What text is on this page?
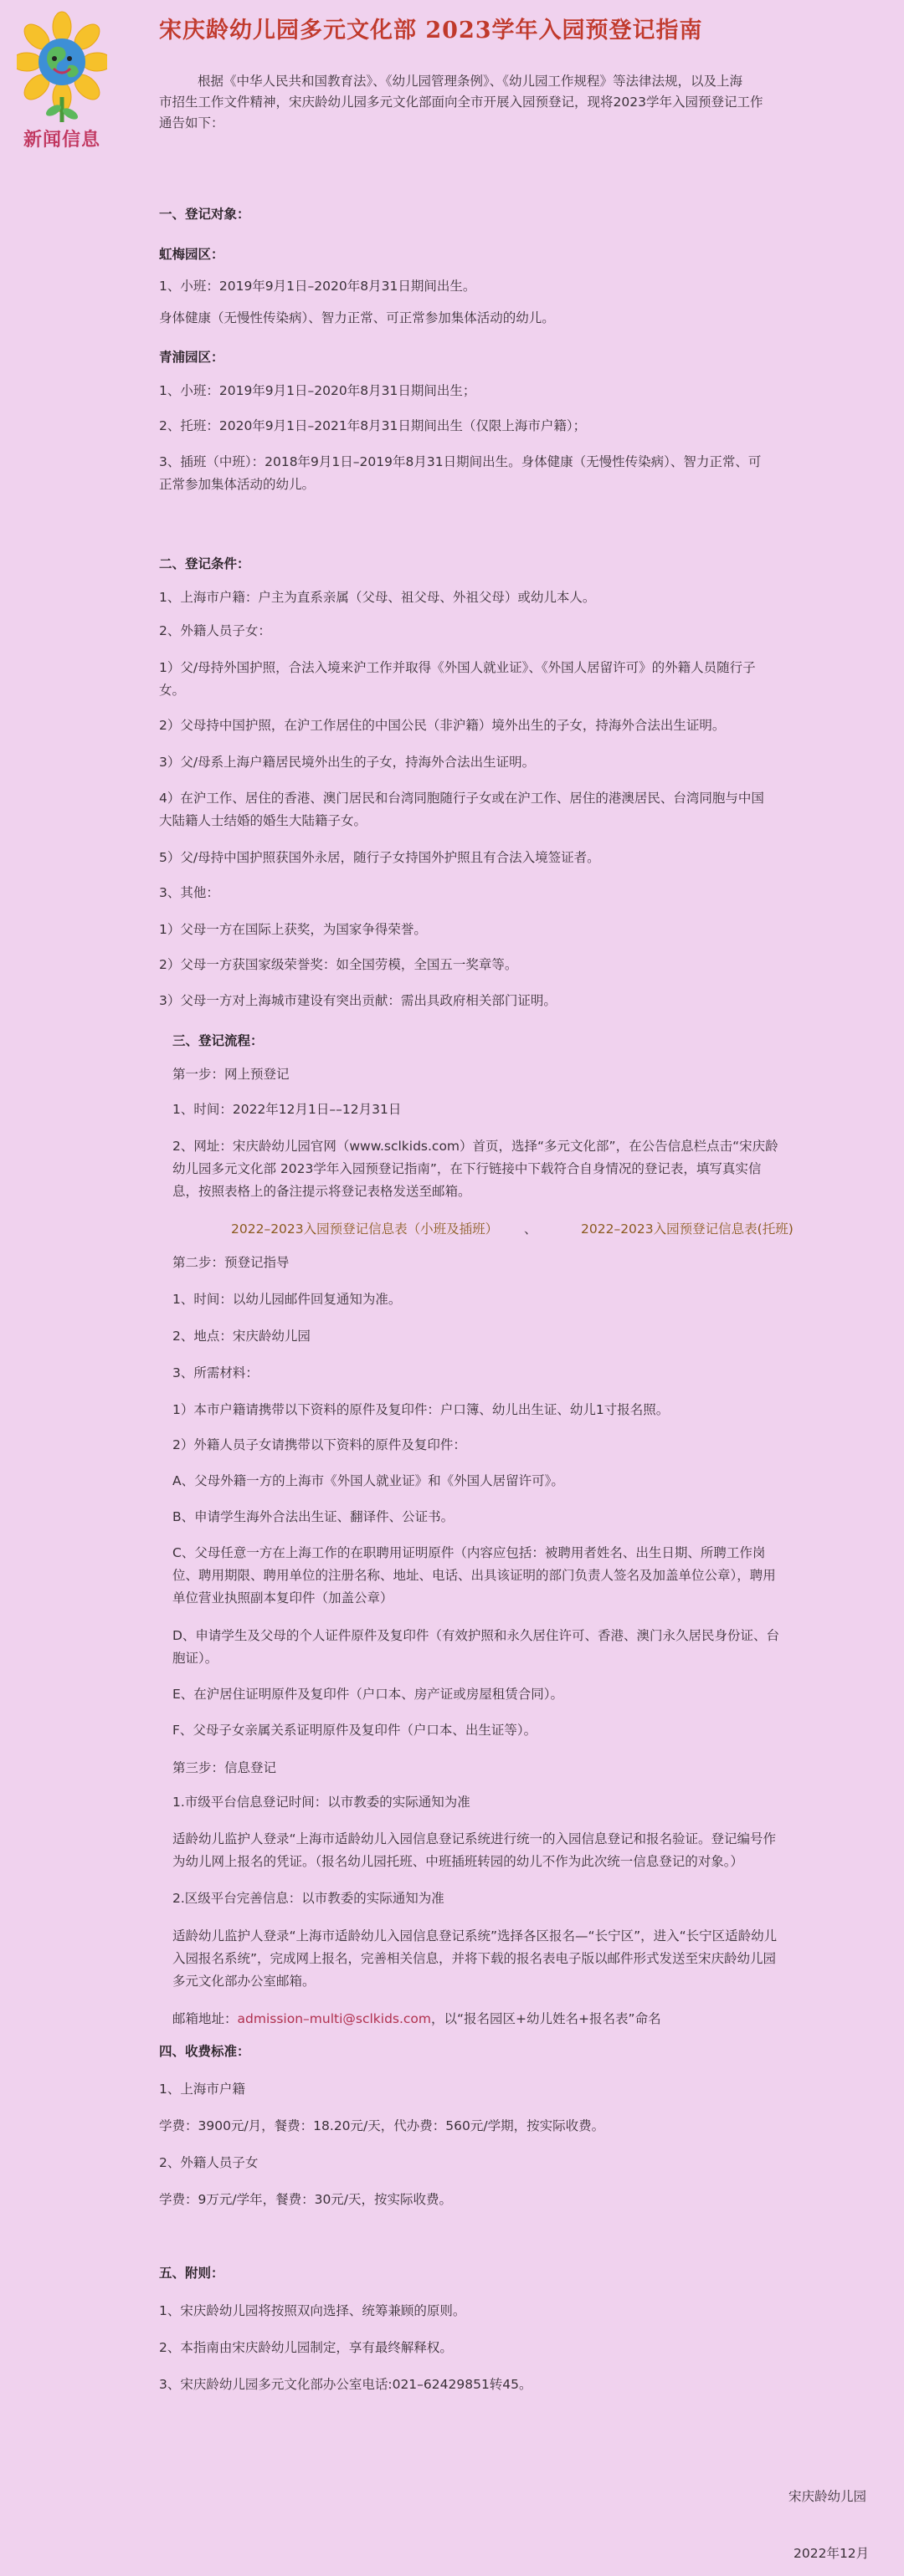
新闻信息
宋庆龄幼儿园多元文化部 2023学年入园预登记指南
根据《中华人民共和国教育法》、《幼儿园管理条例》、《幼儿园工作规程》等法律法规，以及上海
市招生工作文件精神，宋庆龄幼儿园多元文化部面向全市开展入园预登记，现将2023学年入园预登记工作
通告如下：
一、登记对象：
虹梅园区：
1、小班：2019年9月1日–2020年8月31日期间出生。
身体健康（无慢性传染病）、智力正常、可正常参加集体活动的幼儿。
青浦园区：
1、小班：2019年9月1日–2020年8月31日期间出生；
2、托班：2020年9月1日–2021年8月31日期间出生（仅限上海市户籍）；
3、插班（中班）：2018年9月1日–2019年8月31日期间出生。身体健康（无慢性传染病）、智力正常、可
正常参加集体活动的幼儿。
二、登记条件：
1、上海市户籍：户主为直系亲属（父母、祖父母、外祖父母）或幼儿本人。
2、外籍人员子女：
1）父/母持外国护照，合法入境来沪工作并取得《外国人就业证》、《外国人居留许可》的外籍人员随行子
女。
2）父母持中国护照，在沪工作居住的中国公民（非沪籍）境外出生的子女，持海外合法出生证明。
3）父/母系上海户籍居民境外出生的子女，持海外合法出生证明。
4）在沪工作、居住的香港、澳门居民和台湾同胞随行子女或在沪工作、居住的港澳居民、台湾同胞与中国
大陆籍人士结婚的婚生大陆籍子女。
5）父/母持中国护照获国外永居，随行子女持国外护照且有合法入境签证者。
3、其他：
1）父母一方在国际上获奖，为国家争得荣誉。
2）父母一方获国家级荣誉奖：如全国劳模，全国五一奖章等。
3）父母一方对上海城市建设有突出贡献：需出具政府相关部门证明。
三、登记流程：
第一步：网上预登记
1、时间：2022年12月1日––12月31日
2、网址：宋庆龄幼儿园官网（www.sclkids.com）首页，选择“多元文化部”，在公告信息栏点击“宋庆龄
幼儿园多元文化部 2023学年入园预登记指南”，在下行链接中下载符合自身情况的登记表，填写真实信
息，按照表格上的备注提示将登记表格发送至邮箱。
2022–2023入园预登记信息表（小班及插班） 、	2022–2023入园预登记信息表(托班)
第二步：预登记指导
1、时间：以幼儿园邮件回复通知为准。
2、地点：宋庆龄幼儿园
3、所需材料：
1）本市户籍请携带以下资料的原件及复印件：户口簿、幼儿出生证、幼儿1寸报名照。
2）外籍人员子女请携带以下资料的原件及复印件：
A、父母外籍一方的上海市《外国人就业证》和《外国人居留许可》。
B、申请学生海外合法出生证、翻译件、公证书。
C、父母任意一方在上海工作的在职聘用证明原件（内容应包括：被聘用者姓名、出生日期、所聘工作岗
位、聘用期限、聘用单位的注册名称、地址、电话、出具该证明的部门负责人签名及加盖单位公章），聘用
单位营业执照副本复印件（加盖公章）
D、申请学生及父母的个人证件原件及复印件（有效护照和永久居住许可、香港、澳门永久居民身份证、台
胞证）。
E、在沪居住证明原件及复印件（户口本、房产证或房屋租赁合同）。
F、父母子女亲属关系证明原件及复印件（户口本、出生证等）。
第三步：信息登记
1.市级平台信息登记时间：以市教委的实际通知为准
适龄幼儿监护人登录“上海市适龄幼儿入园信息登记系统进行统一的入园信息登记和报名验证。登记编号作
为幼儿网上报名的凭证。（报名幼儿园托班、中班插班转园的幼儿不作为此次统一信息登记的对象。）
2.区级平台完善信息：以市教委的实际通知为准
适龄幼儿监护人登录“上海市适龄幼儿入园信息登记系统”选择各区报名—“长宁区”，进入“长宁区适龄幼儿
入园报名系统”，完成网上报名，完善相关信息，并将下载的报名表电子版以邮件形式发送至宋庆龄幼儿园
多元文化部办公室邮箱。
邮箱地址：admission–multi@sclkids.com，以“报名园区+幼儿姓名+报名表”命名
四、收费标准：
1、上海市户籍
学费：3900元/月，餐费：18.20元/天，代办费：560元/学期，按实际收费。
2、外籍人员子女
学费：9万元/学年，餐费：30元/天，按实际收费。
五、附则：
1、宋庆龄幼儿园将按照双向选择、统筹兼顾的原则。
2、本指南由宋庆龄幼儿园制定，享有最终解释权。
3、宋庆龄幼儿园多元文化部办公室电话:021–62429851转45。
宋庆龄幼儿园
2022年12月
